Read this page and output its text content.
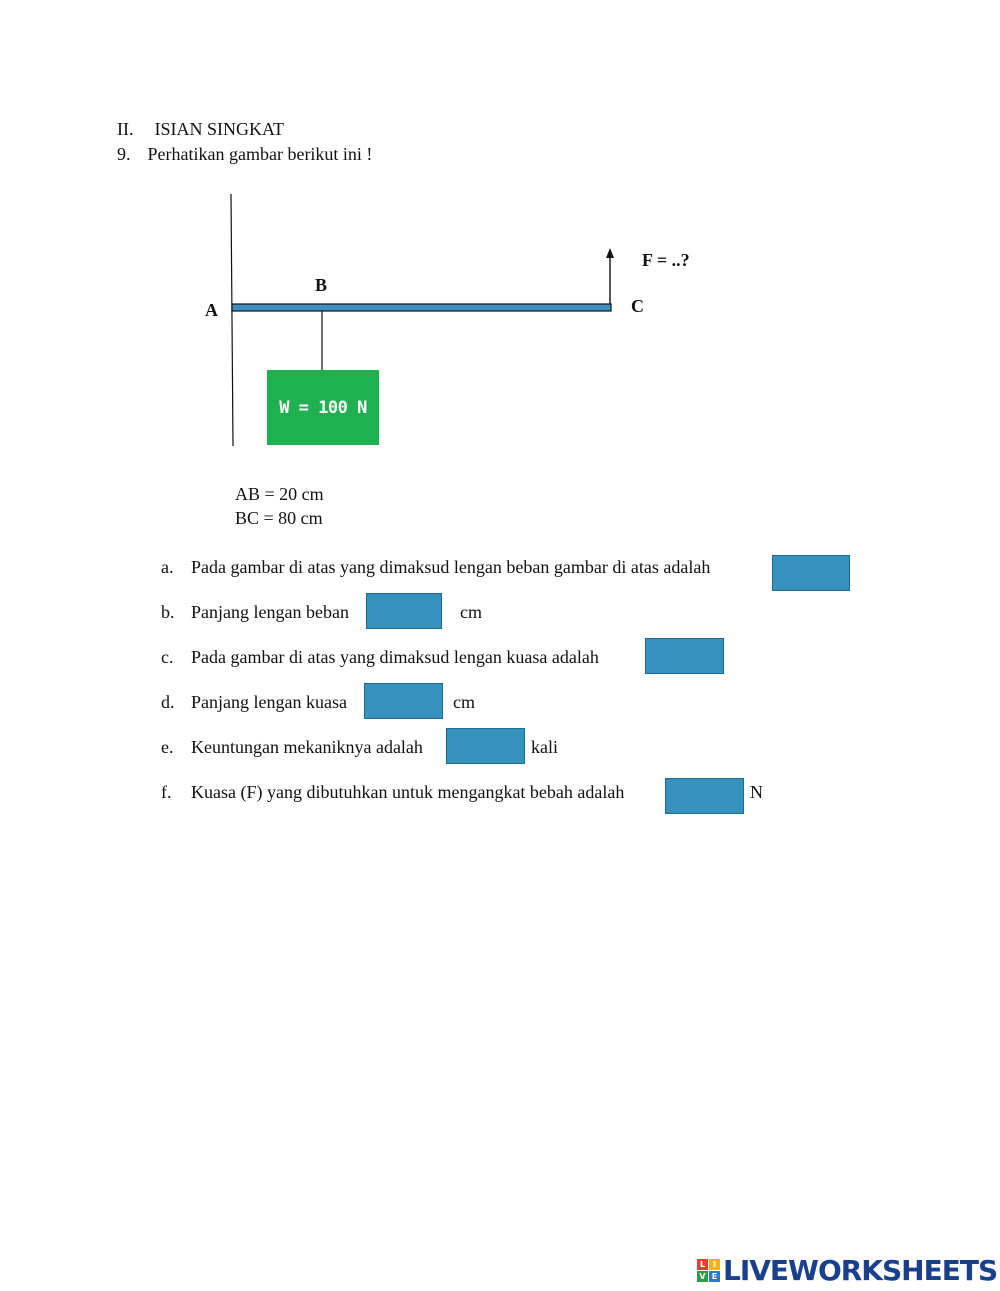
II. ISIAN SINGKAT
9. Perhatikan gambar berikut ini !
A
B
C
F = ..?
W = 100 N
AB = 20 cm
BC = 80 cm
a. Pada gambar di atas yang dimaksud lengan beban gambar di atas adalah
b. Panjang lengan beban	cm
c. Pada gambar di atas yang dimaksud lengan kuasa adalah
d. Panjang lengan kuasa	cm
e. Keuntungan mekaniknya adalah	kali
f. Kuasa (F) yang dibutuhkan untuk mengangkat bebah adalah	N
L I
V E LIVEWORKSHEETS
